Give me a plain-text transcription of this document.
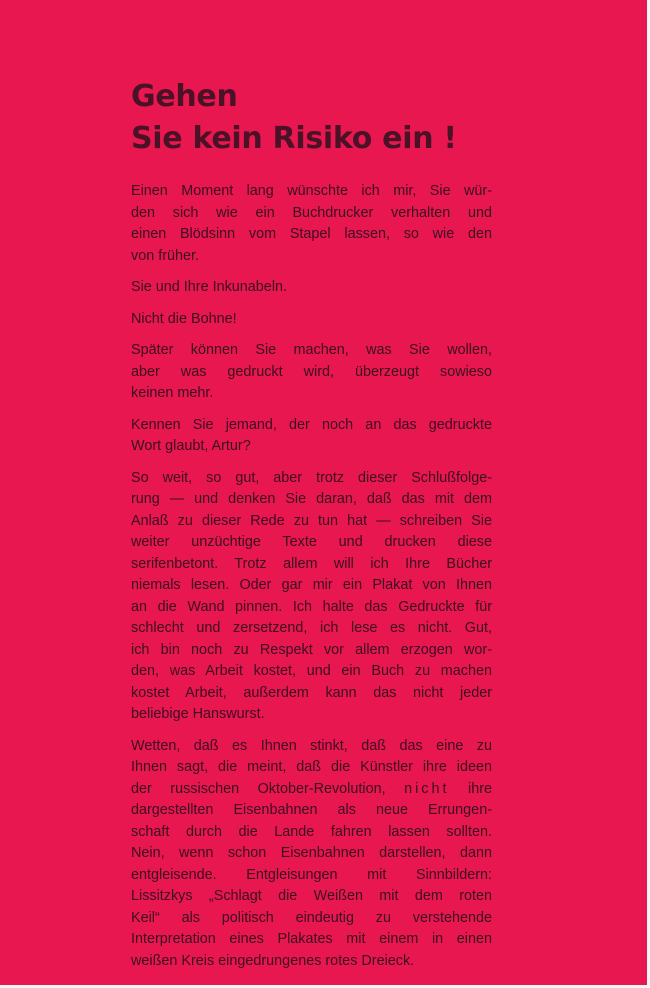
Gehen
Sie kein Risiko ein !

Einen Moment lang wünschte ich mir, Sie wür-
den sich wie ein Buchdrucker verhalten und
einen Blödsinn vom Stapel lassen, so wie den
von früher.

Sie und Ihre Inkunabeln.

Nicht die Bohne!

Später können Sie machen, was Sie wollen,
aber was gedruckt wird, überzeugt sowieso
keinen mehr.

Kennen Sie jemand, der noch an das gedruckte
Wort glaubt, Artur?

So weit, so gut, aber trotz dieser Schlußfolge-
rung — und denken Sie daran, daß das mit dem
Anlaß zu dieser Rede zu tun hat — schreiben Sie
weiter unzüchtige Texte und drucken diese
serifenbetont. Trotz allem will ich Ihre Bücher
niemals lesen. Oder gar mir ein Plakat von Ihnen
an die Wand pinnen. Ich halte das Gedruckte für
schlecht und zersetzend, ich lese es nicht. Gut,
ich bin noch zu Respekt vor allem erzogen wor-
den, was Arbeit kostet, und ein Buch zu machen
kostet Arbeit, außerdem kann das nicht jeder
beliebige Hanswurst.

Wetten, daß es Ihnen stinkt, daß das eine zu
Ihnen sagt, die meint, daß die Künstler ihre ideen
der russischen Oktober-Revolution, nicht ihre
dargestellten Eisenbahnen als neue Errungen-
schaft durch die Lande fahren lassen sollten.
Nein, wenn schon Eisenbahnen darstellen, dann
entgleisende. Entgleisungen mit Sinnbildern:
Lissitzkys „Schlagt die Weißen mit dem roten
Keil“ als politisch eindeutig zu verstehende
Interpretation eines Plakates mit einem in einen
weißen Kreis eingedrungenes rotes Dreieck.
